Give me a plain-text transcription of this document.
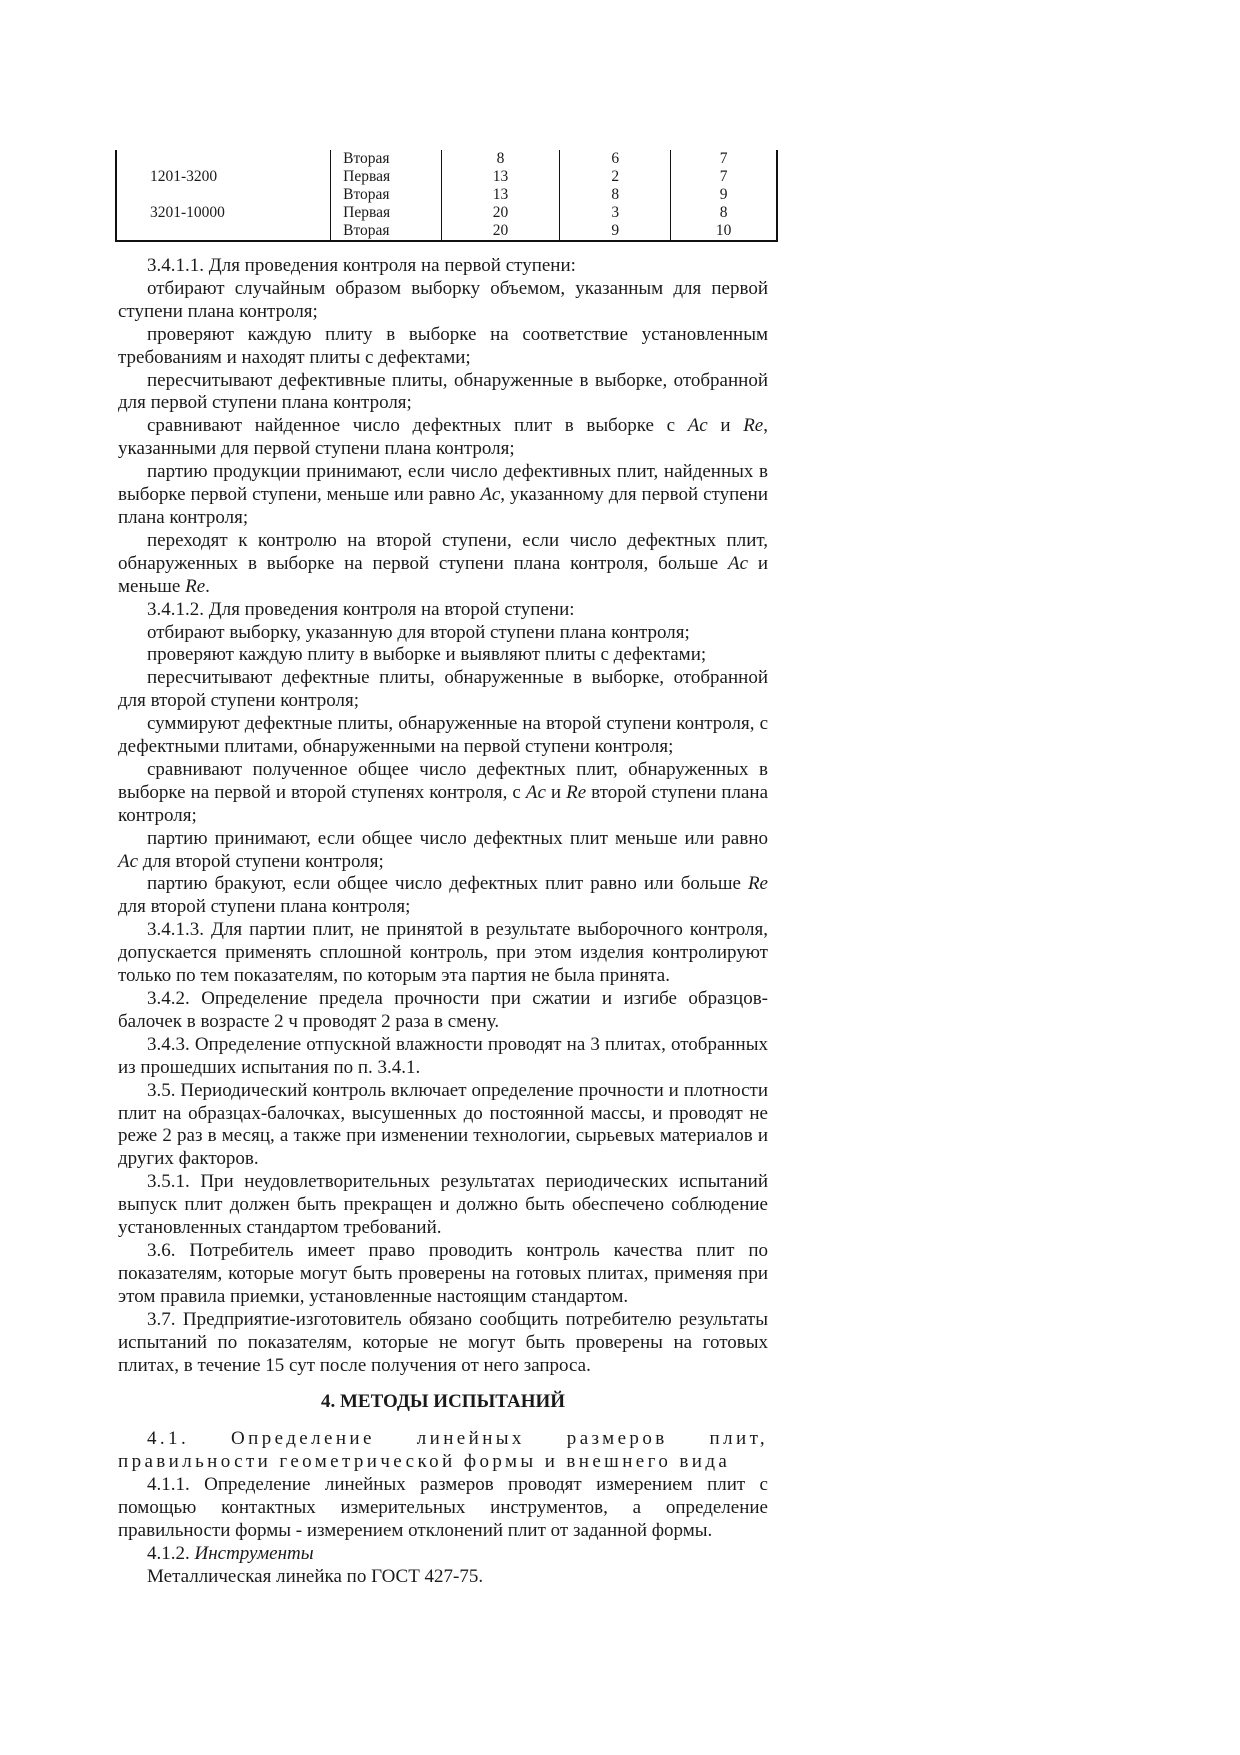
	Вторая	8	6	7
1201-3200	Первая	13	2	7
	Вторая	13	8	9
3201-10000	Первая	20	3	8
	Вторая	20	9	10

3.4.1.1. Для проведения контроля на первой ступени:

отбирают случайным образом выборку объемом, указанным для первой ступени плана контроля;

проверяют каждую плиту в выборке на соответствие установленным требованиям и находят плиты с дефектами;

пересчитывают дефективные плиты, обнаруженные в выборке, отобранной для первой ступени плана контроля;

сравнивают найденное число дефектных плит в выборке с Ac и Re, указанными для первой ступени плана контроля;

партию продукции принимают, если число дефективных плит, найденных в выборке первой ступени, меньше или равно Ac, указанному для первой ступени плана контроля;

переходят к контролю на второй ступени, если число дефектных плит, обнаруженных в выборке на первой ступени плана контроля, больше Ac и меньше Re.

3.4.1.2. Для проведения контроля на второй ступени:

отбирают выборку, указанную для второй ступени плана контроля;

проверяют каждую плиту в выборке и выявляют плиты с дефектами;

пересчитывают дефектные плиты, обнаруженные в выборке, отобранной для второй ступени контроля;

суммируют дефектные плиты, обнаруженные на второй ступени контроля, с дефектными плитами, обнаруженными на первой ступени контроля;

сравнивают полученное общее число дефектных плит, обнаруженных в выборке на первой и второй ступенях контроля, с Ac и Re второй ступени плана контроля;

партию принимают, если общее число дефектных плит меньше или равно Ac для второй ступени контроля;

партию бракуют, если общее число дефектных плит равно или больше Re для второй ступени плана контроля;

3.4.1.3. Для партии плит, не принятой в результате выборочного контроля, допускается применять сплошной контроль, при этом изделия контролируют только по тем показателям, по которым эта партия не была принята.

3.4.2. Определение предела прочности при сжатии и изгибе образцов-балочек в возрасте 2 ч проводят 2 раза в смену.

3.4.3. Определение отпускной влажности проводят на 3 плитах, отобранных из прошедших испытания по п. 3.4.1.

3.5. Периодический контроль включает определение прочности и плотности плит на образцах-балочках, высушенных до постоянной массы, и проводят не реже 2 раз в месяц, а также при изменении технологии, сырьевых материалов и других факторов.

3.5.1. При неудовлетворительных результатах периодических испытаний выпуск плит должен быть прекращен и должно быть обеспечено соблюдение установленных стандартом требований.

3.6. Потребитель имеет право проводить контроль качества плит по показателям, которые могут быть проверены на готовых плитах, применяя при этом правила приемки, установленные настоящим стандартом.

3.7. Предприятие-изготовитель обязано сообщить потребителю результаты испытаний по показателям, которые не могут быть проверены на готовых плитах, в течение 15 сут после получения от него запроса.

4. МЕТОДЫ ИСПЫТАНИЙ

4.1. Определение линейных размеров плит, правильности геометрической формы и внешнего вида

4.1.1. Определение линейных размеров проводят измерением плит с помощью контактных измерительных инструментов, а определение правильности формы - измерением отклонений плит от заданной формы.

4.1.2. Инструменты

Металлическая линейка по ГОСТ 427-75.
